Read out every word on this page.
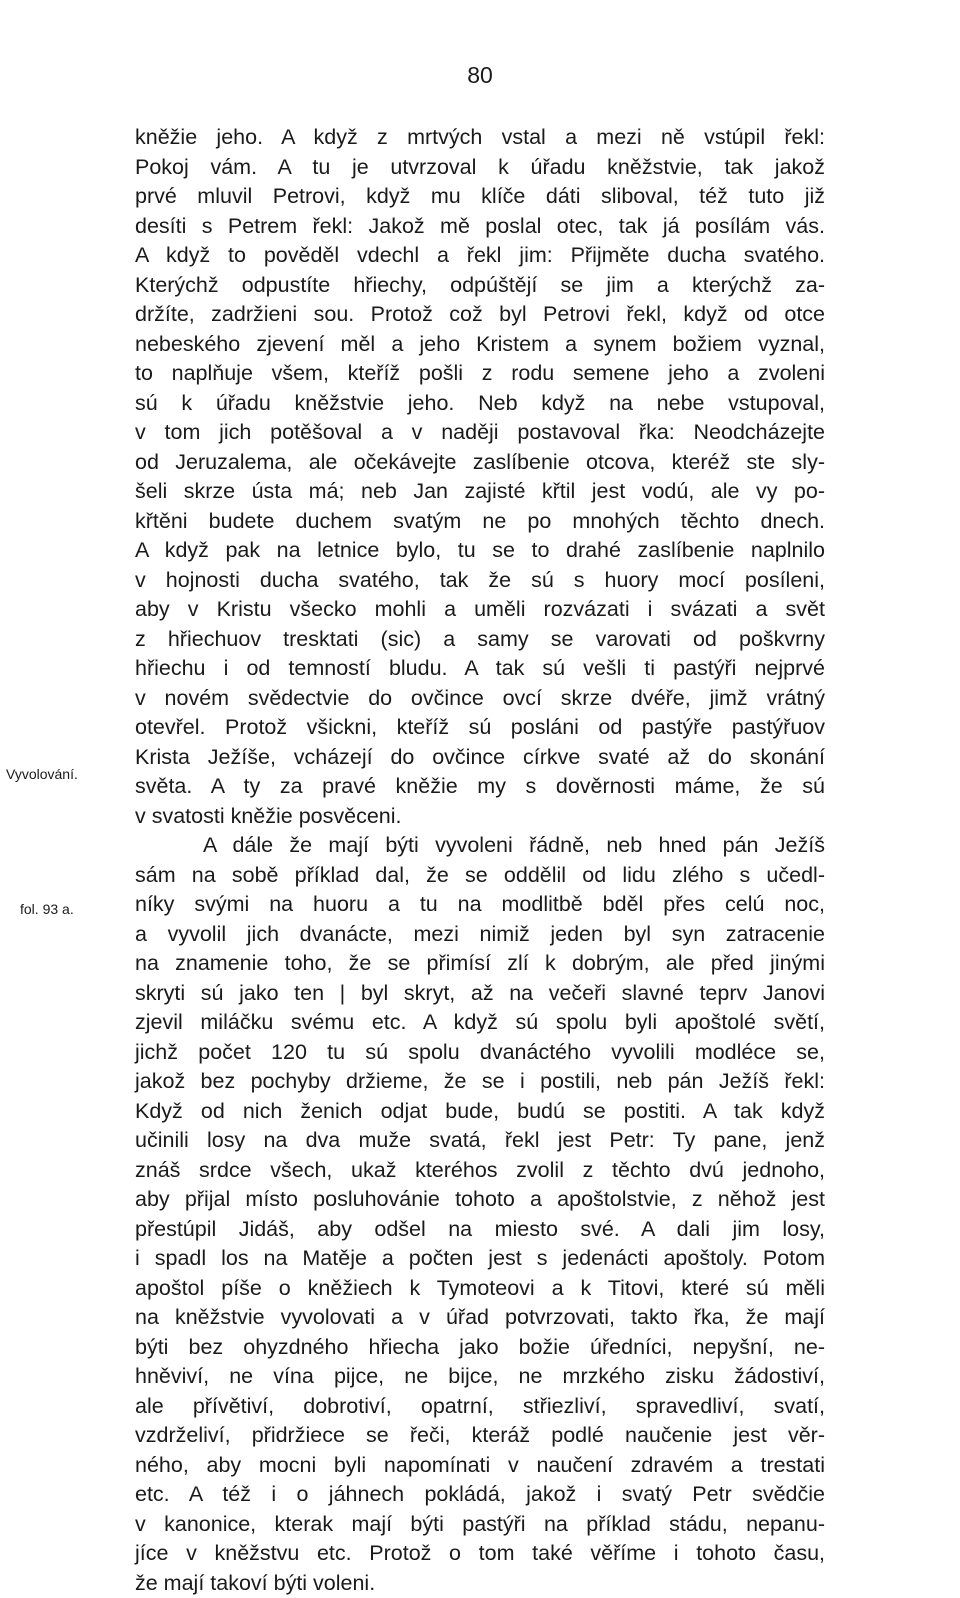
80
Vyvolování.
fol. 93 a.
kněžie jeho. A když z mrtvých vstal a mezi ně vstúpil řekl:
Pokoj vám. A tu je utvrzoval k úřadu kněžstvie, tak jakož
prvé mluvil Petrovi, když mu klíče dáti sliboval, též tuto již
desíti s Petrem řekl: Jakož mě poslal otec, tak já posílám vás.
A když to pověděl vdechl a řekl jim: Přijměte ducha svatého.
Kterýchž odpustíte hřiechy, odpúštějí se jim a kterýchž za-
držíte, zadržieni sou. Protož což byl Petrovi řekl, když od otce
nebeského zjevení měl a jeho Kristem a synem božiem vyznal,
to naplňuje všem, kteříž pošli z rodu semene jeho a zvoleni
sú k úřadu kněžstvie jeho. Neb když na nebe vstupoval,
v tom jich potěšoval a v naději postavoval řka: Neodcházejte
od Jeruzalema, ale očekávejte zaslíbenie otcova, kteréž ste sly-
šeli skrze ústa má; neb Jan zajisté křtil jest vodú, ale vy po-
křtěni budete duchem svatým ne po mnohých těchto dnech.
A když pak na letnice bylo, tu se to drahé zaslíbenie naplnilo
v hojnosti ducha svatého, tak že sú s huory mocí posíleni,
aby v Kristu všecko mohli a uměli rozvázati i svázati a svět
z hřiechuov tresktati (sic) a samy se varovati od poškvrny
hřiechu i od temností bludu. A tak sú vešli ti pastýři nejprvé
v novém svědectvie do ovčince ovcí skrze dvéře, jimž vrátný
otevřel. Protož všickni, kteříž sú posláni od pastýře pastýřuov
Krista Ježíše, vcházejí do ovčince církve svaté až do skonání
světa. A ty za pravé kněžie my s dověrnosti máme, že sú
v svatosti kněžie posvěceni.
A dále že mají býti vyvoleni řádně, neb hned pán Ježíš
sám na sobě příklad dal, že se oddělil od lidu zlého s učedl-
níky svými na huoru a tu na modlitbě bděl přes celú noc,
a vyvolil jich dvanácte, mezi nimiž jeden byl syn zatracenie
na znamenie toho, že se přimísí zlí k dobrým, ale před jinými
skryti sú jako ten | byl skryt, až na večeři slavné teprv Janovi
zjevil miláčku svému etc. A když sú spolu byli apoštolé světí,
jichž počet 120 tu sú spolu dvanáctého vyvolili modléce se,
jakož bez pochyby držieme, že se i postili, neb pán Ježíš řekl:
Když od nich ženich odjat bude, budú se postiti. A tak když
učinili losy na dva muže svatá, řekl jest Petr: Ty pane, jenž
znáš srdce všech, ukaž kteréhos zvolil z těchto dvú jednoho,
aby přijal místo posluhovánie tohoto a apoštolstvie, z něhož jest
přestúpil Jidáš, aby odšel na miesto své. A dali jim losy,
i spadl los na Matěje a počten jest s jedenácti apoštoly. Potom
apoštol píše o kněžiech k Tymoteovi a k Titovi, které sú měli
na kněžstvie vyvolovati a v úřad potvrzovati, takto řka, že mají
býti bez ohyzdného hřiecha jako božie úředníci, nepyšní, ne-
hněviví, ne vína pijce, ne bijce, ne mrzkého zisku žádostiví,
ale přívětiví, dobrotiví, opatrní, střiezliví, spravedliví, svatí,
vzdrželiví, přidržiece se řeči, kteráž podlé naučenie jest věr-
ného, aby mocni byli napomínati v naučení zdravém a trestati
etc. A též i o jáhnech pokládá, jakož i svatý Petr svědčie
v kanonice, kterak mají býti pastýři na příklad stádu, nepanu-
jíce v kněžstvu etc. Protož o tom také věříme i tohoto času,
že mají takoví býti voleni.
